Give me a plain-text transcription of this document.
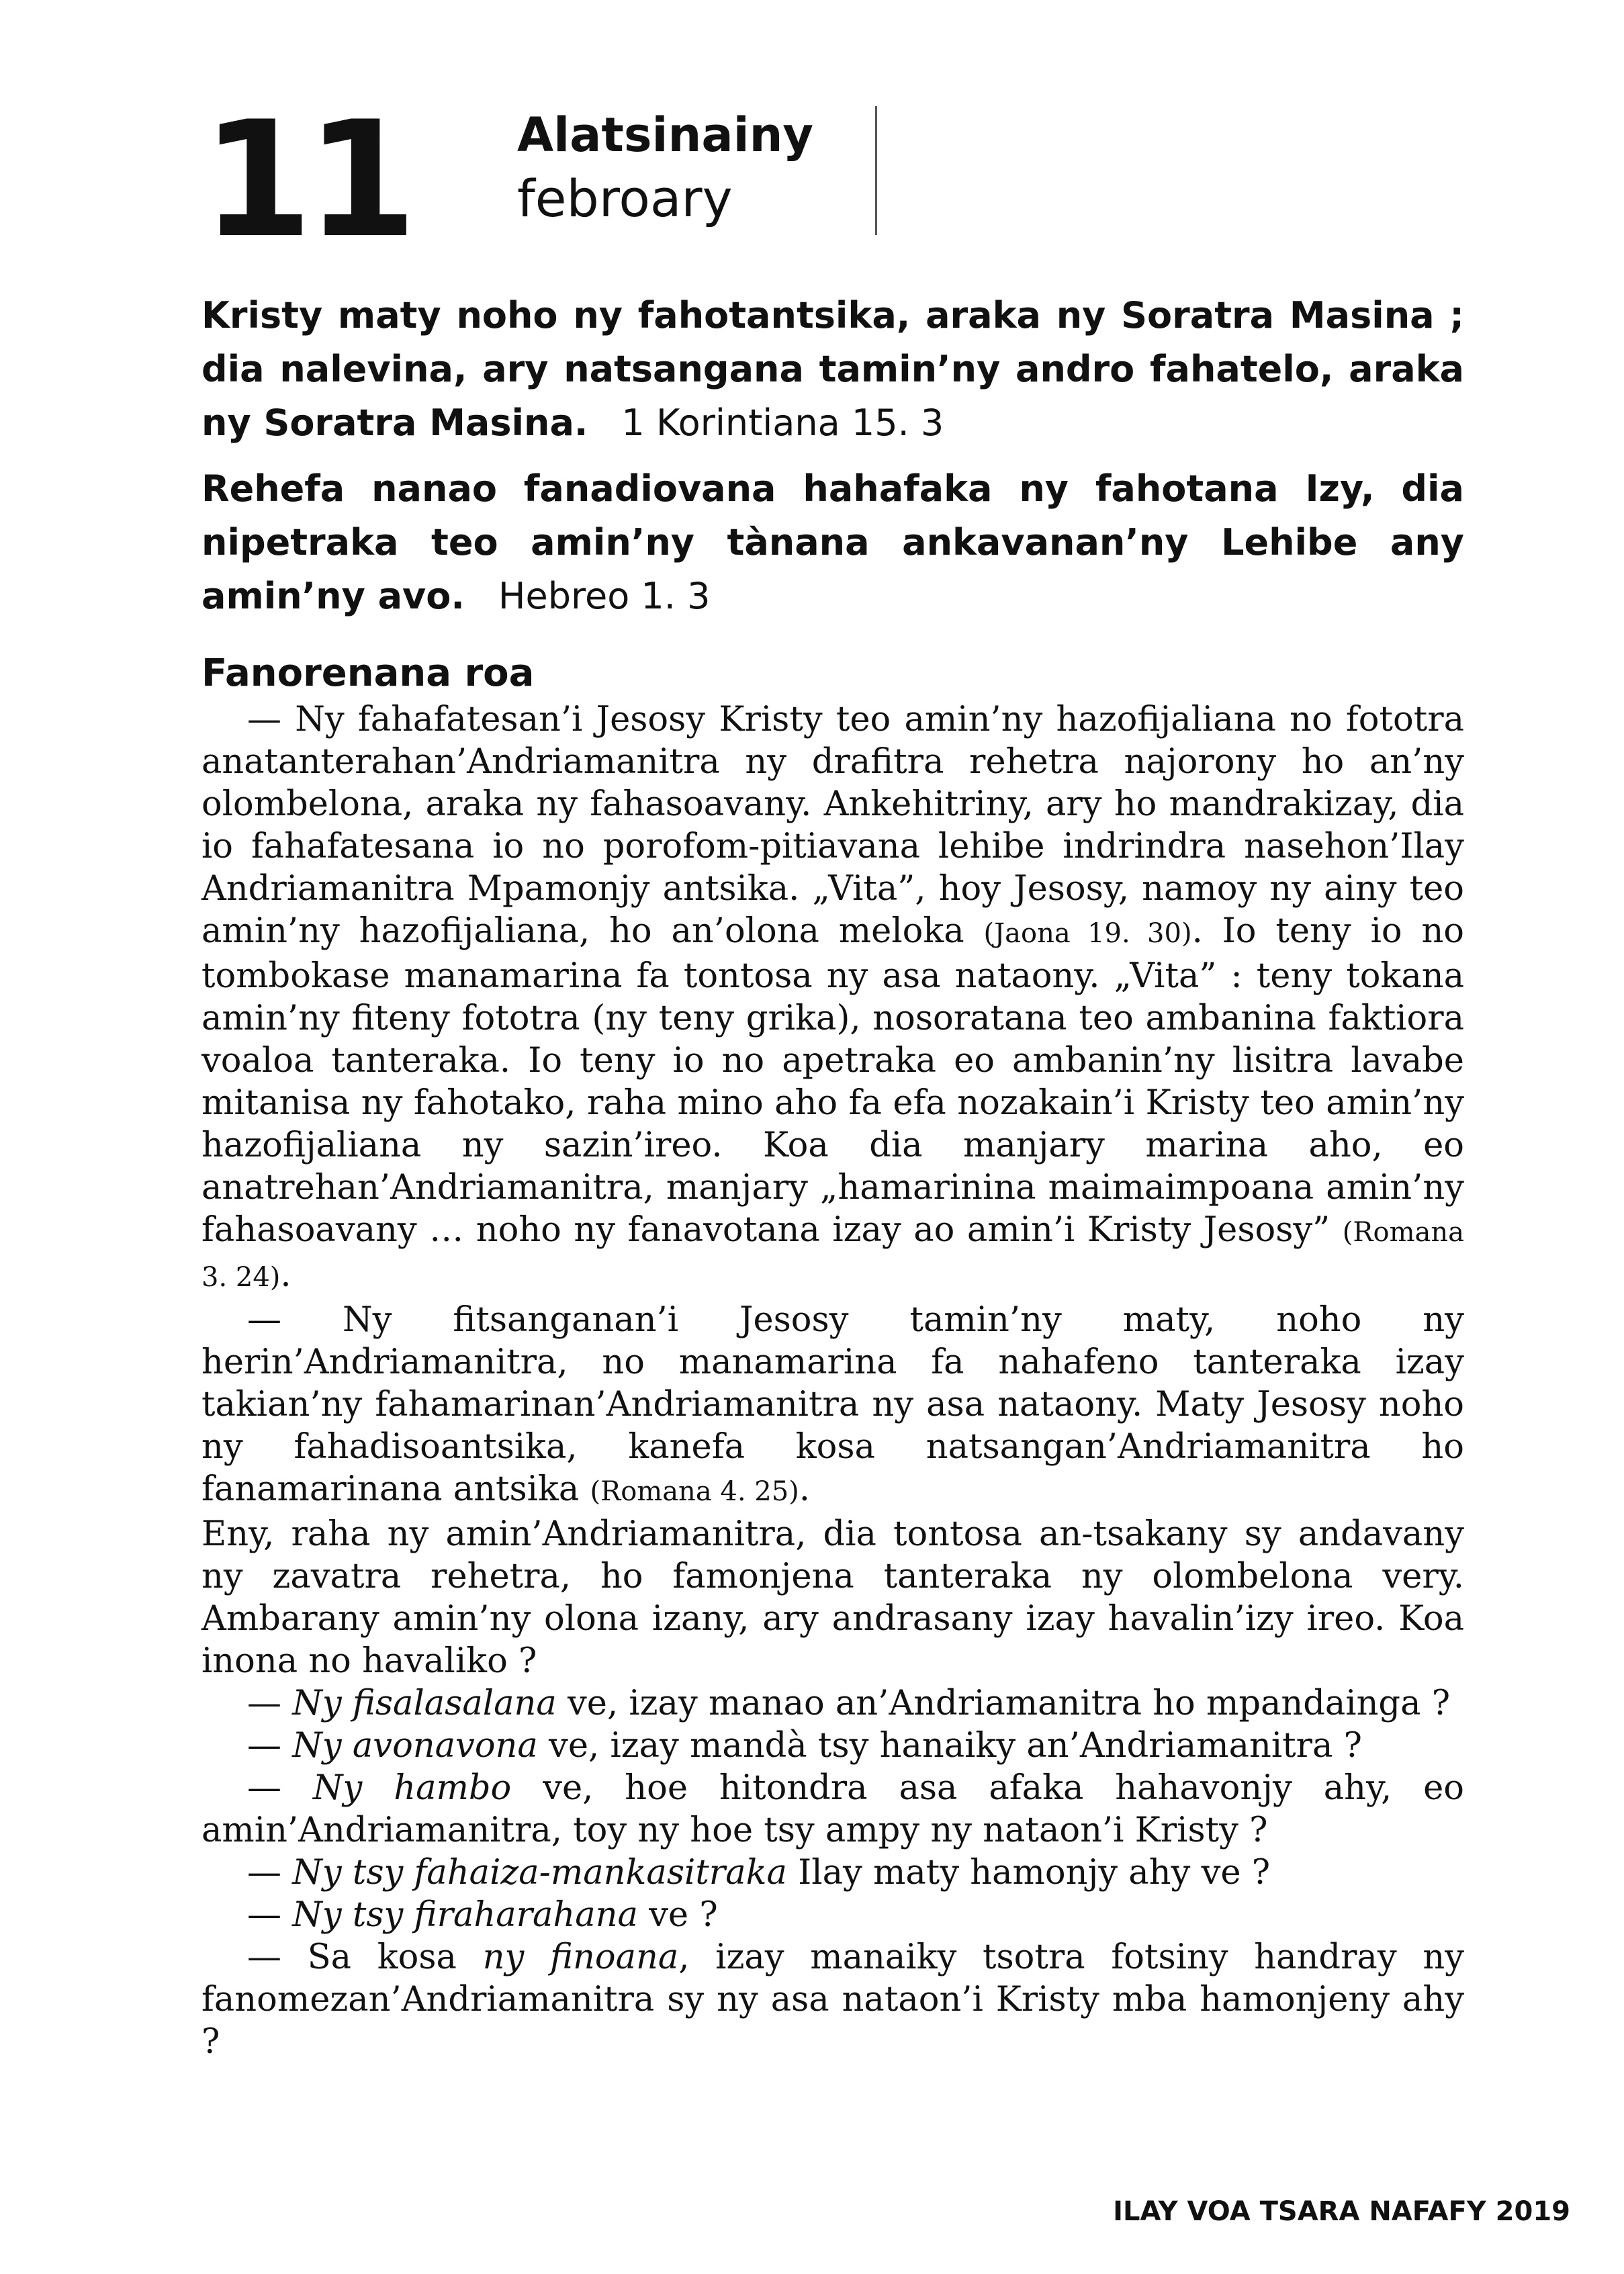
11 Alatsinainy
febroary

Kristy maty noho ny fahotantsika, araka ny Soratra Masina ; dia nalevina, ary natsangana tamin’ny andro fahatelo, araka ny Soratra Masina. 1 Korintiana 15. 3

Rehefa nanao fanadiovana hahafaka ny fahotana Izy, dia nipetraka teo amin’ny tànana ankavanan’ny Lehibe any amin’ny avo. Hebreo 1. 3

Fanorenana roa

— Ny fahafatesan’i Jesosy Kristy teo amin’ny hazofijaliana no fototra anatanterahan’Andriamanitra ny drafitra rehetra najorony ho an’ny olombelona, araka ny fahasoavany. Ankehitriny, ary ho mandrakizay, dia io fahafatesana io no porofom-pitiavana lehibe indrindra nasehon’Ilay Andriamanitra Mpamonjy antsika. „Vita”, hoy Jesosy, namoy ny ainy teo amin’ny hazofijaliana, ho an’olona meloka (Jaona 19. 30). Io teny io no tombokase manamarina fa tontosa ny asa nataony. „Vita” : teny tokana amin’ny fiteny fototra (ny teny grika), nosoratana teo ambanina faktiora voaloa tanteraka. Io teny io no apetraka eo ambanin’ny lisitra lavabe mitanisa ny fahotako, raha mino aho fa efa nozakain’i Kristy teo amin’ny hazofijaliana ny sazin’ireo. Koa dia manjary marina aho, eo anatrehan’Andriamanitra, manjary „hamarinina maimaimpoana amin’ny fahasoavany … noho ny fanavotana izay ao amin’i Kristy Jesosy” (Romana 3. 24).

— Ny fitsanganan’i Jesosy tamin’ny maty, noho ny herin’Andriamanitra, no manamarina fa nahafeno tanteraka izay takian’ny fahamarinan’Andriamanitra ny asa nataony. Maty Jesosy noho ny fahadisoantsika, kanefa kosa natsangan’Andriamanitra ho fanamarinana antsika (Romana 4. 25).

Eny, raha ny amin’Andriamanitra, dia tontosa an-tsakany sy andavany ny zavatra rehetra, ho famonjena tanteraka ny olombelona very. Ambarany amin’ny olona izany, ary andrasany izay havalin’izy ireo. Koa inona no havaliko ?

— Ny fisalasalana ve, izay manao an’Andriamanitra ho mpandainga ?

— Ny avonavona ve, izay mandà tsy hanaiky an’Andriamanitra ?

— Ny hambo ve, hoe hitondra asa afaka hahavonjy ahy, eo amin’Andriamanitra, toy ny hoe tsy ampy ny nataon’i Kristy ?

— Ny tsy fahaiza-mankasitraka Ilay maty hamonjy ahy ve ?

— Ny tsy firaharahana ve ?

— Sa kosa ny finoana, izay manaiky tsotra fotsiny handray ny fanomezan’Andriamanitra sy ny asa nataon’i Kristy mba hamonjeny ahy ?

ILAY VOA TSARA NAFAFY 2019
